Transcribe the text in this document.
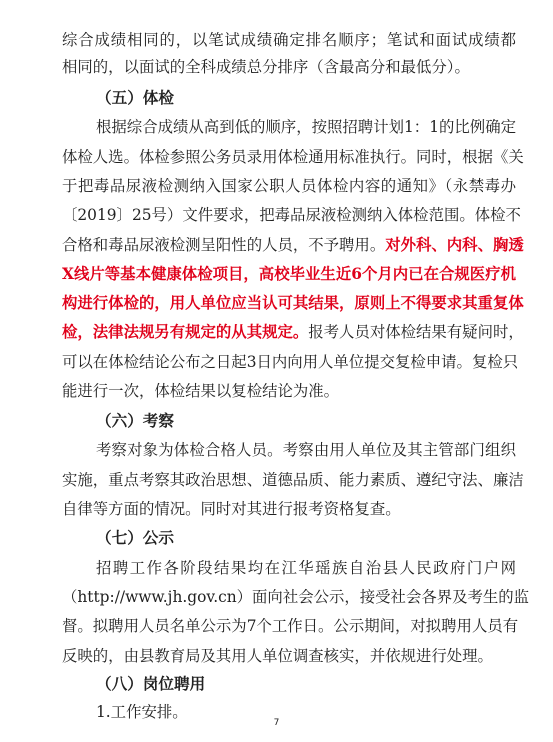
综合成绩相同的，以笔试成绩确定排名顺序；笔试和面试成绩都
相同的，以面试的全科成绩总分排序（含最高分和最低分）。
（五）体检
根据综合成绩从高到低的顺序，按照招聘计划1：1的比例确定
体检人选。体检参照公务员录用体检通用标准执行。同时，根据《关
于把毒品尿液检测纳入国家公职人员体检内容的通知》（永禁毒办
〔2019〕25号）文件要求，把毒品尿液检测纳入体检范围。体检不
合格和毒品尿液检测呈阳性的人员，不予聘用。对外科、内科、胸透
X线片等基本健康体检项目，高校毕业生近6个月内已在合规医疗机
构进行体检的，用人单位应当认可其结果，原则上不得要求其重复体
检，法律法规另有规定的从其规定。报考人员对体检结果有疑问时，
可以在体检结论公布之日起3日内向用人单位提交复检申请。复检只
能进行一次，体检结果以复检结论为准。
（六）考察
考察对象为体检合格人员。考察由用人单位及其主管部门组织
实施，重点考察其政治思想、道德品质、能力素质、遵纪守法、廉洁
自律等方面的情况。同时对其进行报考资格复查。
（七）公示
招聘工作各阶段结果均在江华瑶族自治县人民政府门户网
（http://www.jh.gov.cn）面向社会公示，接受社会各界及考生的监
督。拟聘用人员名单公示为7个工作日。公示期间，对拟聘用人员有
反映的，由县教育局及其用人单位调查核实，并依规进行处理。
（八）岗位聘用
1.工作安排。
7
